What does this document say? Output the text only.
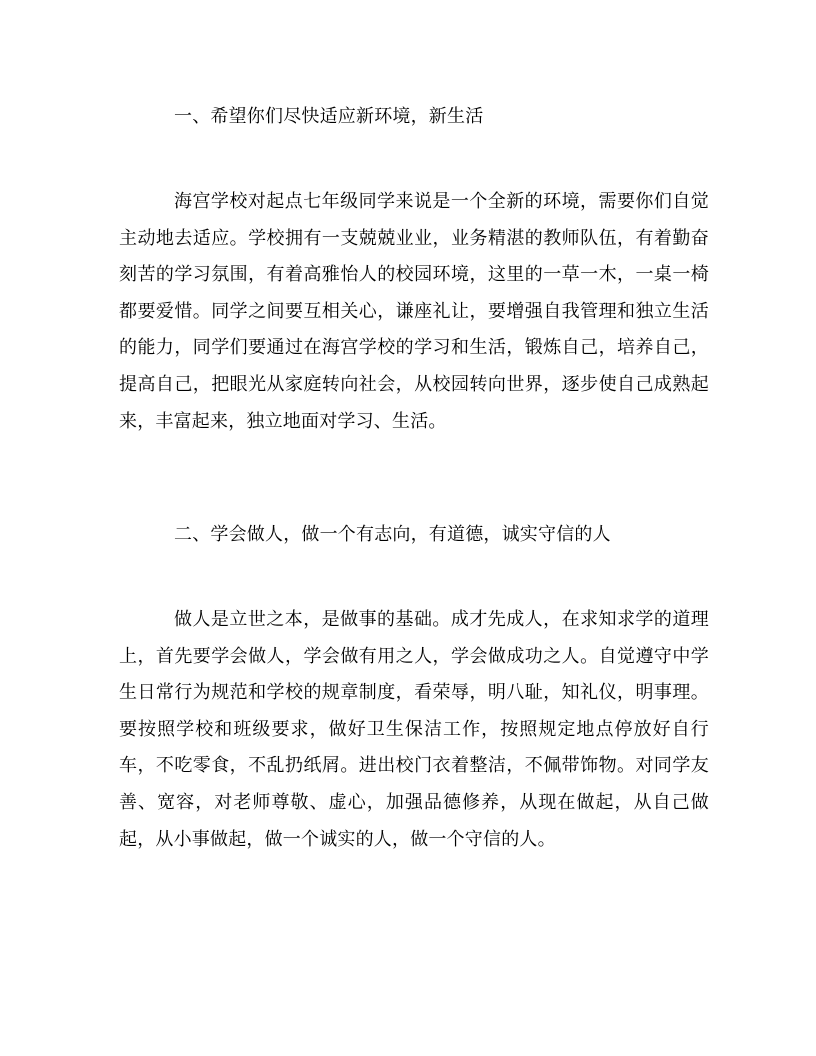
一、希望你们尽快适应新环境，新生活

海宫学校对起点七年级同学来说是一个全新的环境，需要你们自觉主动地去适应。学校拥有一支兢兢业业，业务精湛的教师队伍，有着勤奋刻苦的学习氛围，有着高雅怡人的校园环境，这里的一草一木，一桌一椅都要爱惜。同学之间要互相关心，谦座礼让，要增强自我管理和独立生活的能力，同学们要通过在海宫学校的学习和生活，锻炼自己，培养自己，提高自己，把眼光从家庭转向社会，从校园转向世界，逐步使自己成熟起来，丰富起来，独立地面对学习、生活。

二、学会做人，做一个有志向，有道德，诚实守信的人

做人是立世之本，是做事的基础。成才先成人，在求知求学的道理上，首先要学会做人，学会做有用之人，学会做成功之人。自觉遵守中学生日常行为规范和学校的规章制度，看荣辱，明八耻，知礼仪，明事理。要按照学校和班级要求，做好卫生保洁工作，按照规定地点停放好自行车，不吃零食，不乱扔纸屑。进出校门衣着整洁，不佩带饰物。对同学友善、宽容，对老师尊敬、虚心，加强品德修养，从现在做起，从自己做起，从小事做起，做一个诚实的人，做一个守信的人。
